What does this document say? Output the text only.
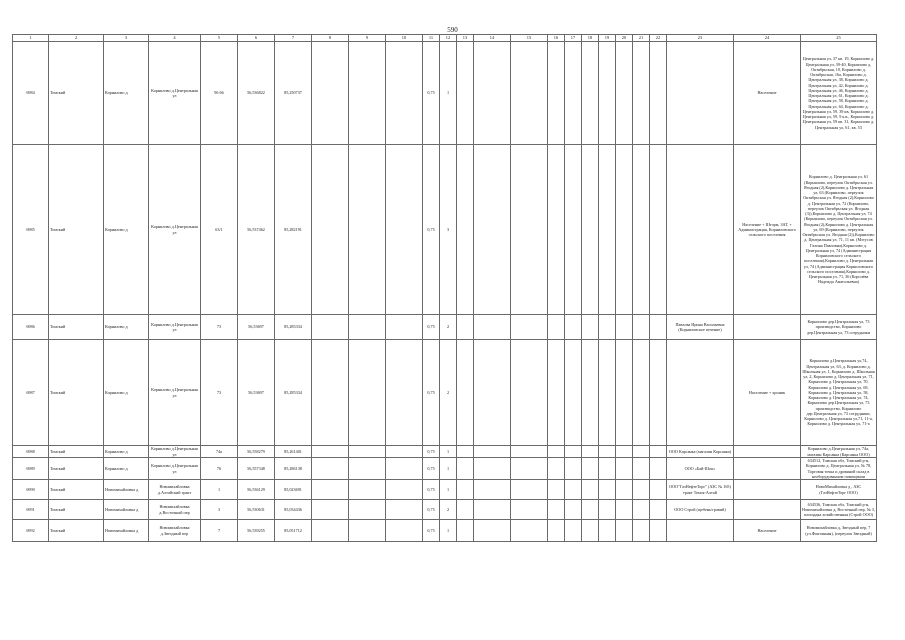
590
1	2	3	4	5	6	7	8	9	10	11	12	13	14	15	16	17	18	19	20	21	22	23	24	25
6984	Томский	Корнилово д	Корнилово д.Центральная ул	96 66	56,536822	85,250737				0,75	1												Население	Центральная ул, 37 кв. 19, Корнилово д. Центральная ул, 39-40, Корнилово д. Октябрьская, 10, Корнилово д. Октябрьская, 16а, Корнилово д. Центральная ул, 38, Корнилово д. Центральная ул, 42, Корнилово д. Центральная ул, 46, Корнилово д. Центральная ул, 61, Корнилово д. Центральная ул, 58, Корнилово д. Центральная ул, 64, Корнилово д. Центральная ул, 59. 39 кв, Корнилово д. Центральная ул, 59, 9 к.в., Корнилово д. Центральная ул, 59 кв. 31, Корнилово д. Центральная ул, 61, кв. 53
6985	Томский	Корнилово д	Корнилово д.Центральная ул	63/1	56,537462	85,282191				0,75	3												Население + Шторм, ЗАТ, + Администрация, Корниловского сельского поселения	Корнилово д. Центральная ул, 61 (Корнилово, переулок Октябрьская ул. Ягодная (2),Корнилово д. Центральная ул, 63 (Корнилово, переулок Октябрьская ул. Ягодная (2),Корнилово д. Центральная ул, 72 (Корнилово, переулок Октябрьская ул. Ягодная (3)),Корнилово д. Центральная ул, 74 (Корнилово, переулок Октябрьская ул. Ягодная (2),Корнилово д. Центральная ул, 69 (Корнилово, переулок Октябрьская ул. Ягодная (2)),Корнилово д. Центральная ул, 71, 11 кв. (Мэтусов Галина Павловна),Корнилово д. Центральная ул, 74 (Администрация Корниловского сельского поселения),Корнилово д. Центральная ул, 74 (Администрация Корниловского сельского поселения),Корнилово д. Центральная ул, 71, 36 (Королёва Надежда Анатольевна)
6986	Томский	Корнилово д	Корнилово д.Центральная ул	73	56,53697	85,285334				0,75	2											Павлова Ирина Васильевна (Корниловское печение)		Корнилово дер.Центральная ул, 73 производство, Корнилово дер.Центральная ул, 73 сотрудники
6987	Томский	Корнилово д	Корнилово д.Центральная ул	73	56,53697	85,285334				0,75	2												Население + хроник	Корнилово д.Центральная ул,74, Центральная ул, 63, д. Корнилово д. Школьная ул, 1, Корнилово д. Школьная ул, 2, Корнилово д. Центральная ул, 71, Корнилово д. Центральная ул, 70, Корнилово д. Центральная ул, 69, Корнилово д. Центральная ул, 58, Корнилово д. Центральная ул, 74, Корнилово дер.Центральная ул, 73 производство, Корнилово дер.Центральная ул, 73 сотрудники, Корнилово д. Центральная ул,71, 11-а, Корнилово д. Центральная ул, 71-а
6988	Томский	Корнилово д	Корнилово д.Центральная ул	74а	56,558279	85,261401				0,75	1											ООО Карсанка (магазин Карсанка)		Корнилово д.Центральная ул, 74а, магазин Карсанка (Карсанка ООО)
6989	Томский	Корнилово д	Корнилово д.Центральная ул	76	56,557348	85,286138				0,75	1											ООО «Бай-Шоп»		634512, Томская обл, Томский р-н, Корнилово д. Центральная ул, № 78, Торговая точка и дровяной склад в необорудованном помещении
6990	Томский	Новомихайловка д	Новомихайловка д.Алтайский тракт	1	56,536129	85,023691				0,75	1											ООО"ГазНефтеТорг" (АЗС № 165) тракт Томск-Алтай		НовоМихайловка д , АЗС (ГазНефтеТорг ООО)
6991	Томский	Новомихайловка д	Новомихайловка д.Восточный пер	3	56,530631	85,034436				0,75	2											ООО Строй (щебень/гравий)		634536, Томская обл, Томский р-н, Новомихайловка д, Восточный пер, № 3, площадка хозяйственная (Строй ООО)
6992	Томский	Новомихайловка д	Новомихайловка д.Звездный пер	7	56,539255	85,051712				0,75	1												Население	Новомихайловка д, Звездный пер, 7 (ул.Фонтанная), (переулок Звездный)
